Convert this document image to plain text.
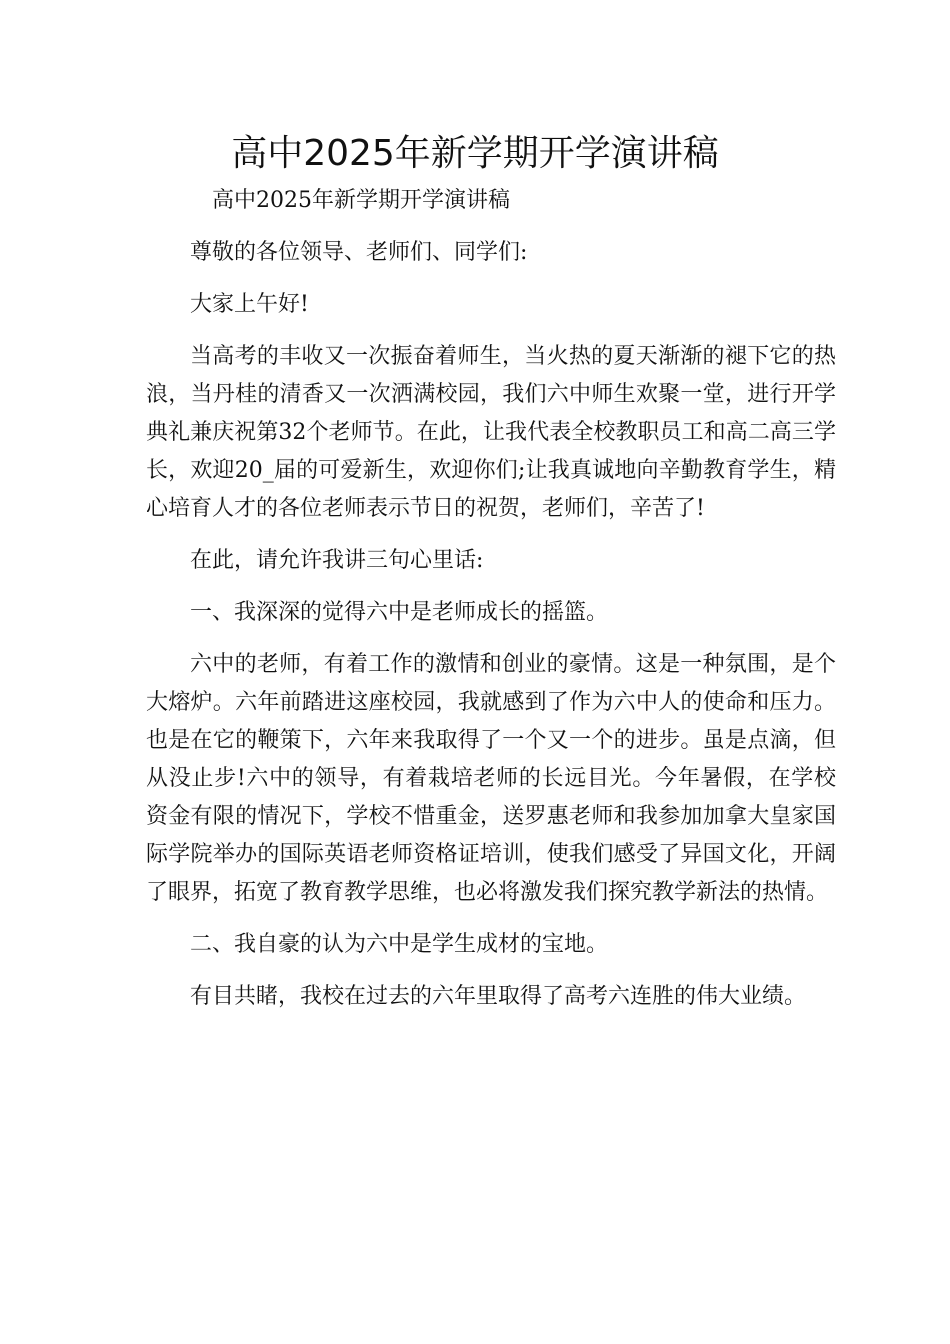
高中2025年新学期开学演讲稿

高中2025年新学期开学演讲稿

尊敬的各位领导、老师们、同学们:

大家上午好!

当高考的丰收又一次振奋着师生，当火热的夏天渐渐的褪下它的热浪，当丹桂的清香又一次洒满校园，我们六中师生欢聚一堂，进行开学典礼兼庆祝第32个老师节。在此，让我代表全校教职员工和高二高三学长，欢迎20_届的可爱新生，欢迎你们;让我真诚地向辛勤教育学生，精心培育人才的各位老师表示节日的祝贺，老师们，辛苦了!

在此，请允许我讲三句心里话:

一、我深深的觉得六中是老师成长的摇篮。

六中的老师，有着工作的激情和创业的豪情。这是一种氛围，是个大熔炉。六年前踏进这座校园，我就感到了作为六中人的使命和压力。也是在它的鞭策下，六年来我取得了一个又一个的进步。虽是点滴，但从没止步!六中的领导，有着栽培老师的长远目光。今年暑假，在学校资金有限的情况下，学校不惜重金，送罗惠老师和我参加加拿大皇家国际学院举办的国际英语老师资格证培训，使我们感受了异国文化，开阔了眼界，拓宽了教育教学思维，也必将激发我们探究教学新法的热情。

二、我自豪的认为六中是学生成材的宝地。

有目共睹，我校在过去的六年里取得了高考六连胜的伟大业绩。
